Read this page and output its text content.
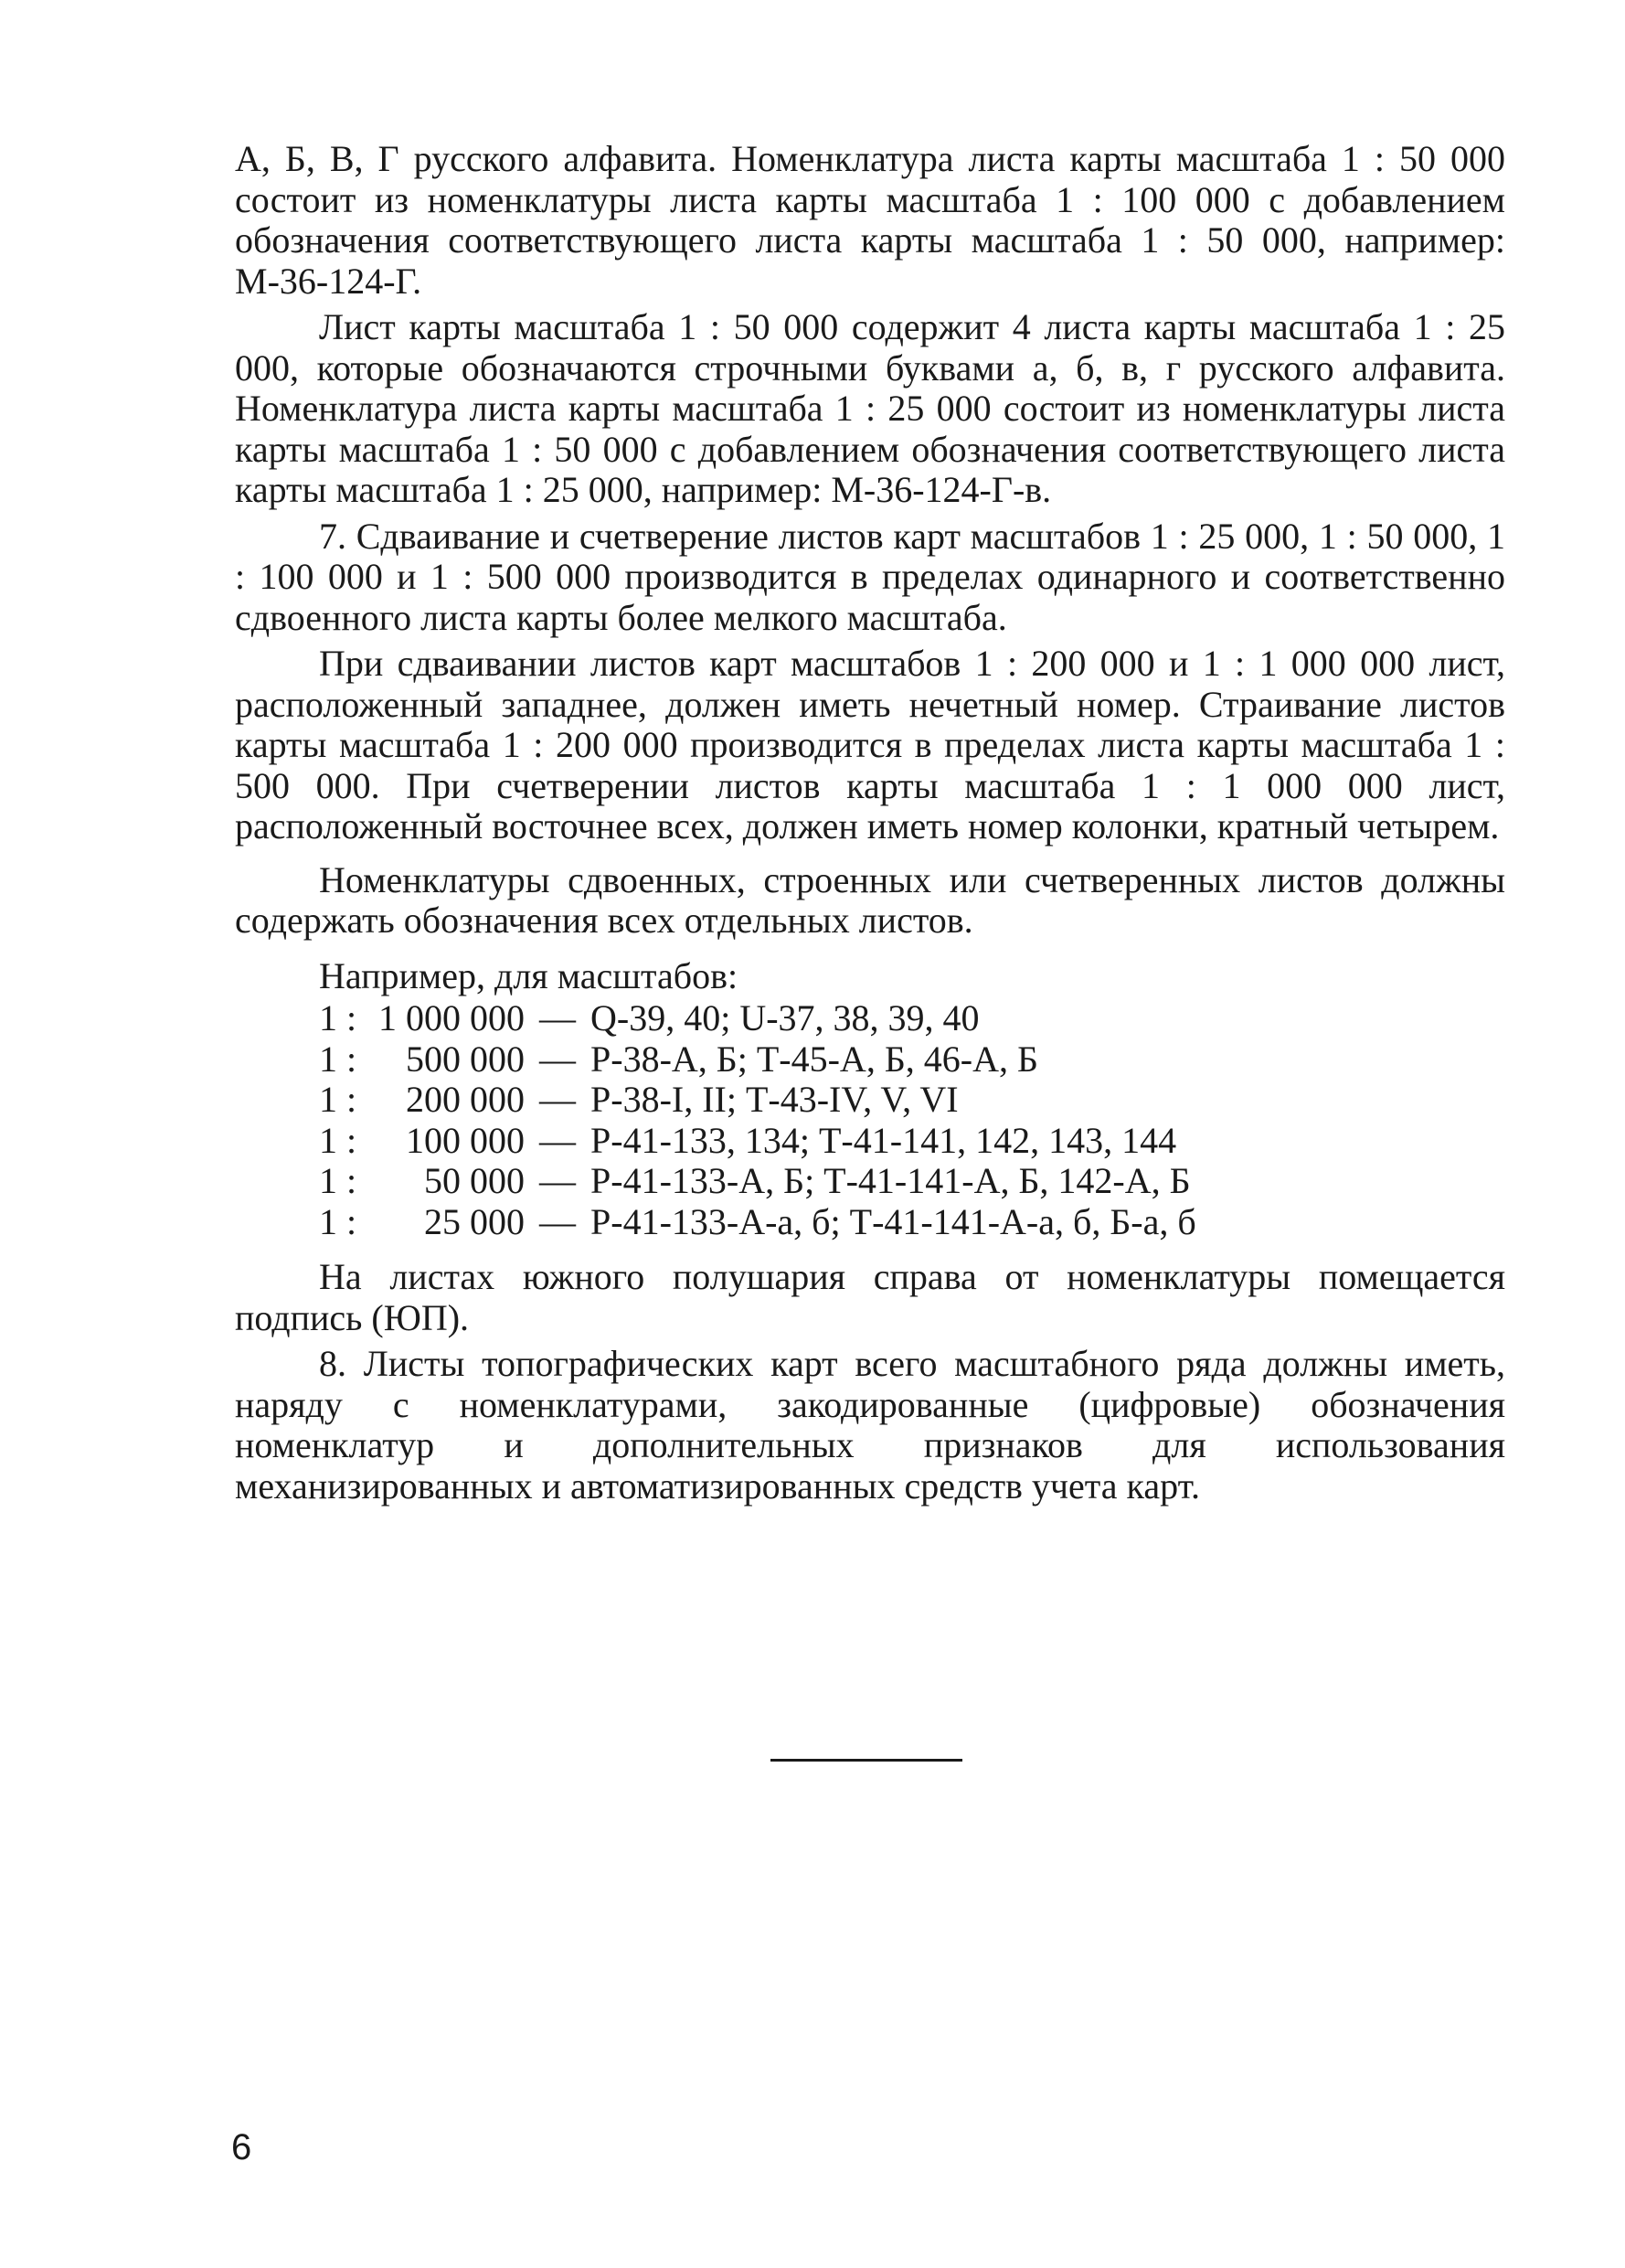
А, Б, В, Г русского алфавита. Номенклатура листа карты масштаба 1 : 50 000 состоит из номенклатуры листа карты масштаба 1 : 100 000 с добавлением обозначения соответствующего листа карты масштаба 1 : 50 000, например: М-36-124-Г.

Лист карты масштаба 1 : 50 000 содержит 4 листа карты масштаба 1 : 25 000, которые обозначаются строчными буквами а, б, в, г русского алфавита. Номенклатура листа карты масштаба 1 : 25 000 состоит из номенклатуры листа карты масштаба 1 : 50 000 с добавлением обозначения соответствующего листа карты масштаба 1 : 25 000, например: М-36-124-Г-в.

7. Сдваивание и счетверение листов карт масштабов 1 : 25 000, 1 : 50 000, 1 : 100 000 и 1 : 500 000 производится в пределах одинарного и соответственно сдвоенного листа карты более мелкого масштаба.

При сдваивании листов карт масштабов 1 : 200 000 и 1 : 1 000 000 лист, расположенный западнее, должен иметь нечетный номер. Страивание листов карты масштаба 1 : 200 000 производится в пределах листа карты масштаба 1 : 500 000. При счетверении листов карты масштаба 1 : 1 000 000 лист, расположенный восточнее всех, должен иметь номер колонки, кратный четырем.

Номенклатуры сдвоенных, строенных или счетверенных листов должны содержать обозначения всех отдельных листов.

Например, для масштабов:

1 : 1 000 000 — Q-39, 40; U-37, 38, 39, 40
1 :	500 000 — Р-38-А, Б; Т-45-А, Б, 46-А, Б
1 :	200 000 — Р-38-I, II; Т-43-IV, V, VI
1 :	100 000 — Р-41-133, 134; Т-41-141, 142, 143, 144
1 :	50 000 — Р-41-133-А, Б; Т-41-141-А, Б, 142-А, Б
1 :	25 000 — Р-41-133-А-а, б; Т-41-141-А-а, б, Б-а, б

На листах южного полушария справа от номенклатуры помещается подпись (ЮП).

8. Листы топографических карт всего масштабного ряда должны иметь, наряду с номенклатурами, закодированные (цифровые) обозначения номенклатур и дополнительных признаков для использования механизированных и автоматизированных средств учета карт.

6
